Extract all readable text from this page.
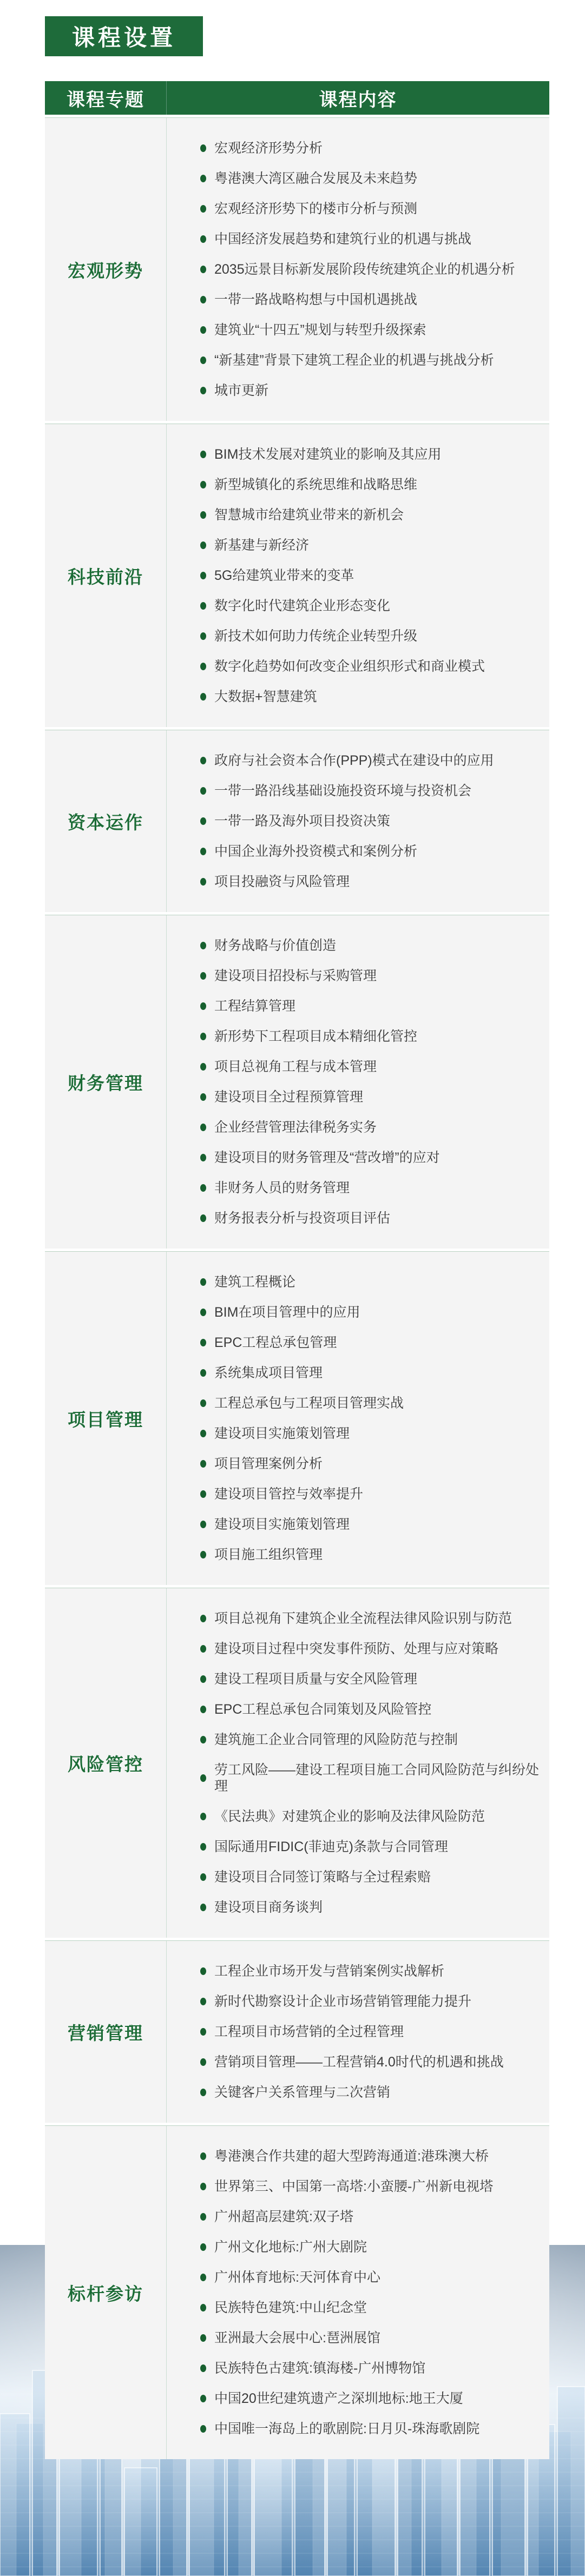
课程设置
课程专题	课程内容
宏观形势
宏观经济形势分析
粤港澳大湾区融合发展及未来趋势
宏观经济形势下的楼市分析与预测
中国经济发展趋势和建筑行业的机遇与挑战
2035远景目标新发展阶段传统建筑企业的机遇分析
一带一路战略构想与中国机遇挑战
建筑业“十四五”规划与转型升级探索
“新基建”背景下建筑工程企业的机遇与挑战分析
城市更新
科技前沿
BIM技术发展对建筑业的影响及其应用
新型城镇化的系统思维和战略思维
智慧城市给建筑业带来的新机会
新基建与新经济
5G给建筑业带来的变革
数字化时代建筑企业形态变化
新技术如何助力传统企业转型升级
数字化趋势如何改变企业组织形式和商业模式
大数据+智慧建筑
资本运作
政府与社会资本合作(PPP)模式在建设中的应用
一带一路沿线基础设施投资环境与投资机会
一带一路及海外项目投资决策
中国企业海外投资模式和案例分析
项目投融资与风险管理
财务管理
财务战略与价值创造
建设项目招投标与采购管理
工程结算管理
新形势下工程项目成本精细化管控
项目总视角工程与成本管理
建设项目全过程预算管理
企业经营管理法律税务实务
建设项目的财务管理及“营改增”的应对
非财务人员的财务管理
财务报表分析与投资项目评估
项目管理
建筑工程概论
BIM在项目管理中的应用
EPC工程总承包管理
系统集成项目管理
工程总承包与工程项目管理实战
建设项目实施策划管理
项目管理案例分析
建设项目管控与效率提升
建设项目实施策划管理
项目施工组织管理
风险管控
项目总视角下建筑企业全流程法律风险识别与防范
建设项目过程中突发事件预防、处理与应对策略
建设工程项目质量与安全风险管理
EPC工程总承包合同策划及风险管控
建筑施工企业合同管理的风险防范与控制
劳工风险——建设工程项目施工合同风险防范与纠纷处理
《民法典》对建筑企业的影响及法律风险防范
国际通用FIDIC(菲迪克)条款与合同管理
建设项目合同签订策略与全过程索赔
建设项目商务谈判
营销管理
工程企业市场开发与营销案例实战解析
新时代勘察设计企业市场营销管理能力提升
工程项目市场营销的全过程管理
营销项目管理——工程营销4.0时代的机遇和挑战
关键客户关系管理与二次营销
标杆参访
粤港澳合作共建的超大型跨海通道:港珠澳大桥
世界第三、中国第一高塔:小蛮腰-广州新电视塔
广州超高层建筑:双子塔
广州文化地标:广州大剧院
广州体育地标:天河体育中心
民族特色建筑:中山纪念堂
亚洲最大会展中心:琶洲展馆
民族特色古建筑:镇海楼-广州博物馆
中国20世纪建筑遗产之深圳地标:地王大厦
中国唯一海岛上的歌剧院:日月贝-珠海歌剧院
